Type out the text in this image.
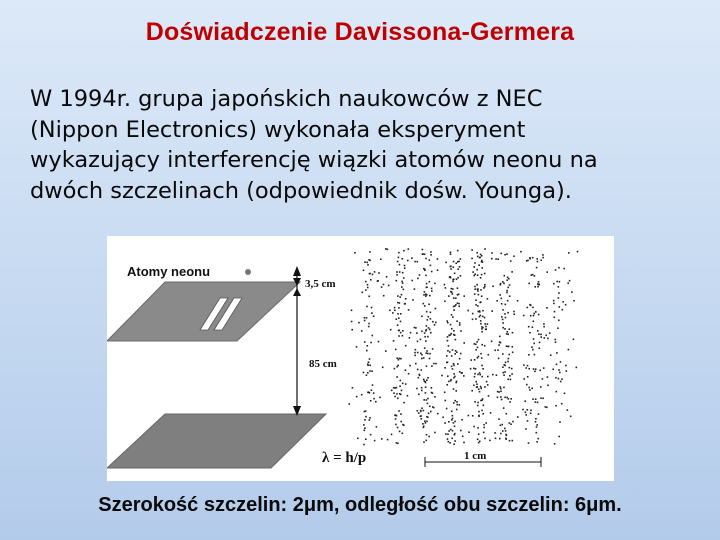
Doświadczenie Davissona-Germera
W 1994r. grupa japońskich naukowców z NEC
(Nippon Electronics) wykonała eksperyment
wykazujący interferencję wiązki atomów neonu na
dwóch szczelinach (odpowiednik dośw. Younga).
Atomy neonu
3,5 cm
85 cm
λ = h/p	1 cm
Szerokość szczelin: 2μm, odległość obu szczelin: 6μm.
